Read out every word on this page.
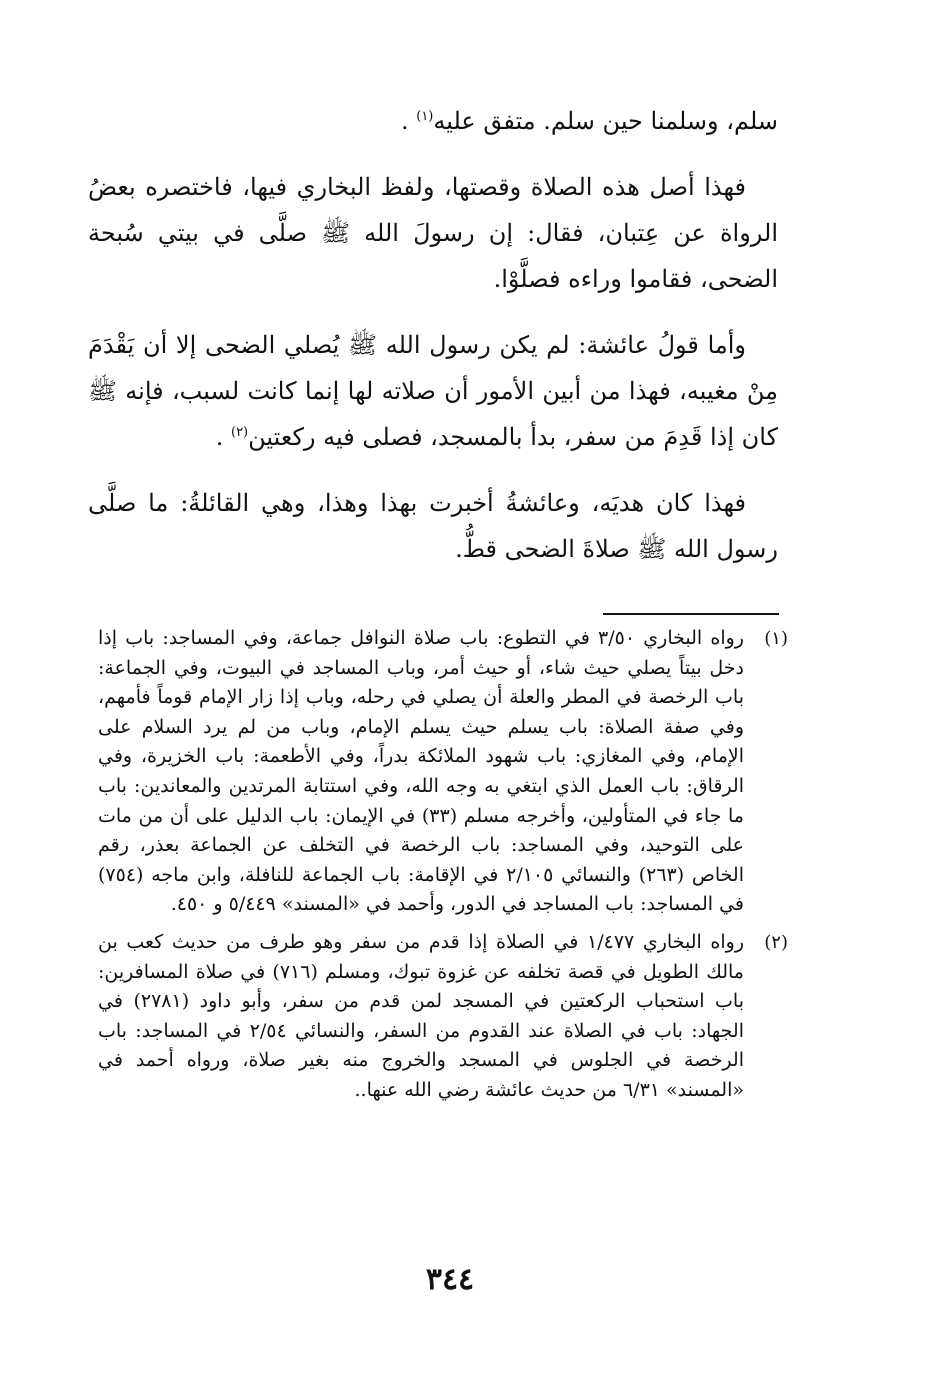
سلم، وسلمنا حين سلم. متفق عليه$^{(١)}$ .

فهذا أصل هذه الصلاة وقصتها، ولفظ البخاري فيها، فاختصره بعضُ الرواة عن عِتبان، فقال: إن رسولَ الله ﷺ صلَّى في بيتي سُبحة الضحى، فقاموا وراءه فصلَّوْا.

وأما قولُ عائشة: لم يكن رسول الله ﷺ يُصلي الضحى إلا أن يَقْدَمَ مِنْ مغيبه، فهذا من أبين الأمور أن صلاته لها إنما كانت لسبب، فإنه ﷺ كان إذا قَدِمَ من سفر، بدأ بالمسجد، فصلى فيه ركعتين$^{(٢)}$ .

فهذا كان هديَه، وعائشةُ أخبرت بهذا وهذا، وهي القائلةُ: ما صلَّى رسول الله ﷺ صلاةَ الضحى قطُّ.

(١)
رواه البخاري ٣/٥٠ في التطوع: باب صلاة النوافل جماعة، وفي المساجد: باب إذا دخل بيتاً يصلي حيث شاء، أو حيث أمر، وباب المساجد في البيوت، وفي الجماعة: باب الرخصة في المطر والعلة أن يصلي في رحله، وباب إذا زار الإمام قوماً فأمهم، وفي صفة الصلاة: باب يسلم حيث يسلم الإمام، وباب من لم يرد السلام على الإمام، وفي المغازي: باب شهود الملائكة بدراً، وفي الأطعمة: باب الخزيرة، وفي الرقاق: باب العمل الذي ابتغي به وجه الله، وفي استتابة المرتدين والمعاندين: باب ما جاء في المتأولين، وأخرجه مسلم (٣٣) في الإيمان: باب الدليل على أن من مات على التوحيد، وفي المساجد: باب الرخصة في التخلف عن الجماعة بعذر، رقم الخاص (٢٦٣) والنسائي ٢/١٠٥ في الإقامة: باب الجماعة للنافلة، وابن ماجه (٧٥٤) في المساجد: باب المساجد في الدور، وأحمد في «المسند» ٥/٤٤٩ و ٤٥٠.
(٢)
رواه البخاري ١/٤٧٧ في الصلاة إذا قدم من سفر وهو طرف من حديث كعب بن مالك الطويل في قصة تخلفه عن غزوة تبوك، ومسلم (٧١٦) في صلاة المسافرين: باب استحباب الركعتين في المسجد لمن قدم من سفر، وأبو داود (٢٧٨١) في الجهاد: باب في الصلاة عند القدوم من السفر، والنسائي ٢/٥٤ في المساجد: باب الرخصة في الجلوس في المسجد والخروج منه بغير صلاة، ورواه أحمد في «المسند» ٦/٣١ من حديث عائشة رضي الله عنها..
٣٤٤
